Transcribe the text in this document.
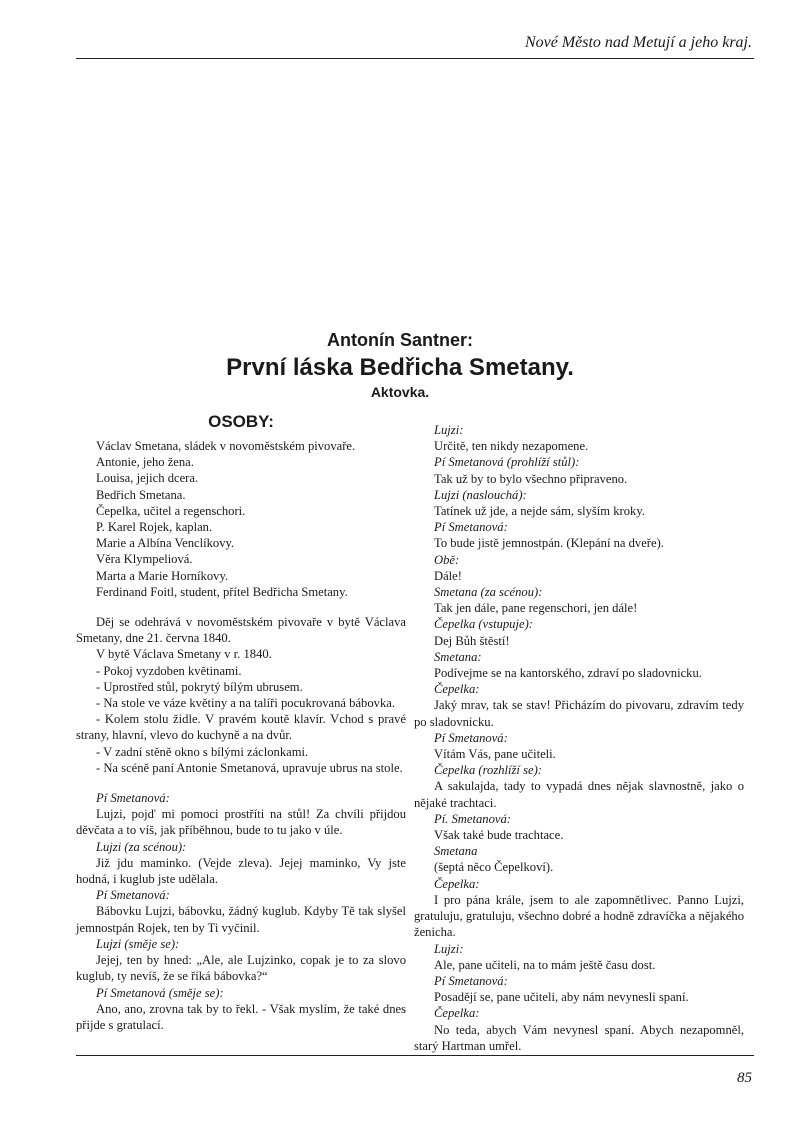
Nové Město nad Metují a jeho kraj.
Antonín Santner:
První láska Bedřicha Smetany.
Aktovka.
OSOBY:

Václav Smetana, sládek v novoměstském pivovaře.

Antonie, jeho žena.

Louisa, jejich dcera.

Bedřich Smetana.

Čepelka, učitel a regenschori.

P. Karel Rojek, kaplan.

Marie a Albína Venclíkovy.

Věra Klympeliová.

Marta a Marie Horníkovy.

Ferdinand Foitl, student, přítel Bedřicha Smetany.

Děj se odehrává v novoměstském pivovaře v bytě Václava Smetany, dne 21. června 1840.

V bytě Václava Smetany v r. 1840.

- Pokoj vyzdoben květinami.

- Uprostřed stůl, pokrytý bílým ubrusem.

- Na stole ve váze květiny a na talíři pocukrovaná bábovka.

- Kolem stolu židle. V pravém koutě klavír. Vchod s pravé strany, hlavní, vlevo do kuchyně a na dvůr.

- V zadní stěně okno s bílými záclonkami.

- Na scéně paní Antonie Smetanová, upravuje ubrus na stole.

Pí Smetanová:

Lujzi, pojď mi pomoci prostříti na stůl! Za chvíli přijdou děvčata a to víš, jak příběhnou, bude to tu jako v úle.

Lujzi (za scénou):

Již jdu maminko. (Vejde zleva). Jejej maminko, Vy jste hodná, i kuglub jste udělala.

Pí Smetanová:

Bábovku Lujzi, bábovku, žádný kuglub. Kdyby Tě tak slyšel jemnostpán Rojek, ten by Ti vyčinil.

Lujzi (směje se):

Jejej, ten by hned: „Ale, ale Lujzinko, copak je to za slovo kuglub, ty nevíš, že se říká bábovka?“

Pí Smetanová (směje se):

Ano, ano, zrovna tak by to řekl. - Však myslím, že také dnes přijde s gratulací.

Lujzi:

Určitě, ten nikdy nezapomene.

Pí Smetanová (prohlíží stůl):

Tak už by to bylo všechno připraveno.

Lujzi (naslouchá):

Tatínek už jde, a nejde sám, slyším kroky.

Pí Smetanová:

To bude jistě jemnostpán. (Klepání na dveře).

Obě:

Dále!

Smetana (za scénou):

Tak jen dále, pane regenschori, jen dále!

Čepelka (vstupuje):

Dej Bůh štěstí!

Smetana:

Podívejme se na kantorského, zdraví po sladovnicku.

Čepelka:

Jaký mrav, tak se stav! Přicházím do pivovaru, zdravím tedy po sladovnicku.

Pí Smetanová:

Vítám Vás, pane učiteli.

Čepelka (rozhlíží se):

A sakulajda, tady to vypadá dnes nějak slavnostně, jako o nějaké trachtaci.

Pí. Smetanová:

Však také bude trachtace.

Smetana

(šeptá něco Čepelkoví).

Čepelka:

I pro pána krále, jsem to ale zapomnětlivec. Panno Lujzi, gratuluju, gratuluju, všechno dobré a hodně zdravíčka a nějakého ženicha.

Lujzi:

Ale, pane učiteli, na to mám ještě času dost.

Pí Smetanová:

Posadějí se, pane učiteli, aby nám nevynesli spaní.

Čepelka:

No teda, abych Vám nevynesl spaní. Abych nezapomněl, starý Hartman umřel.

85
